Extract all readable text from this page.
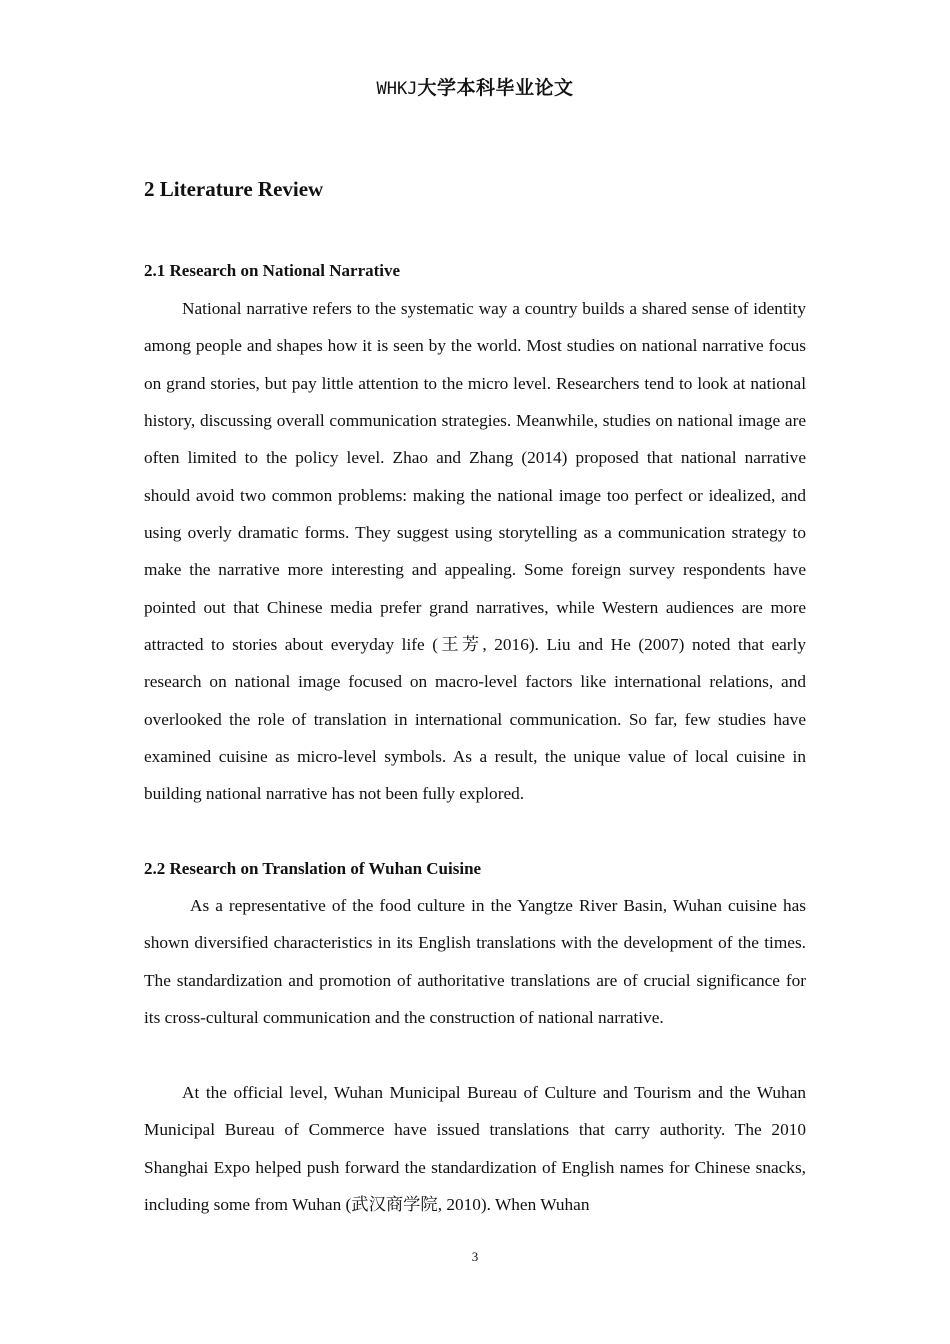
WHKJ大学本科毕业论文
2 Literature Review
2.1 Research on National Narrative
National narrative refers to the systematic way a country builds a shared sense of identity among people and shapes how it is seen by the world. Most studies on national narrative focus on grand stories, but pay little attention to the micro level. Researchers tend to look at national history, discussing overall communication strategies. Meanwhile, studies on national image are often limited to the policy level. Zhao and Zhang (2014) proposed that national narrative should avoid two common problems: making the national image too perfect or idealized, and using overly dramatic forms. They suggest using storytelling as a communication strategy to make the narrative more interesting and appealing. Some foreign survey respondents have pointed out that Chinese media prefer grand narratives, while Western audiences are more attracted to stories about everyday life (王芳, 2016). Liu and He (2007) noted that early research on national image focused on macro-level factors like international relations, and overlooked the role of translation in international communication. So far, few studies have examined cuisine as micro-level symbols. As a result, the unique value of local cuisine in building national narrative has not been fully explored.
2.2 Research on Translation of Wuhan Cuisine
As a representative of the food culture in the Yangtze River Basin, Wuhan cuisine has shown diversified characteristics in its English translations with the development of the times. The standardization and promotion of authoritative translations are of crucial significance for its cross-cultural communication and the construction of national narrative.
At the official level, Wuhan Municipal Bureau of Culture and Tourism and the Wuhan Municipal Bureau of Commerce have issued translations that carry authority. The 2010 Shanghai Expo helped push forward the standardization of English names for Chinese snacks, including some from Wuhan (武汉商学院, 2010). When Wuhan
3
